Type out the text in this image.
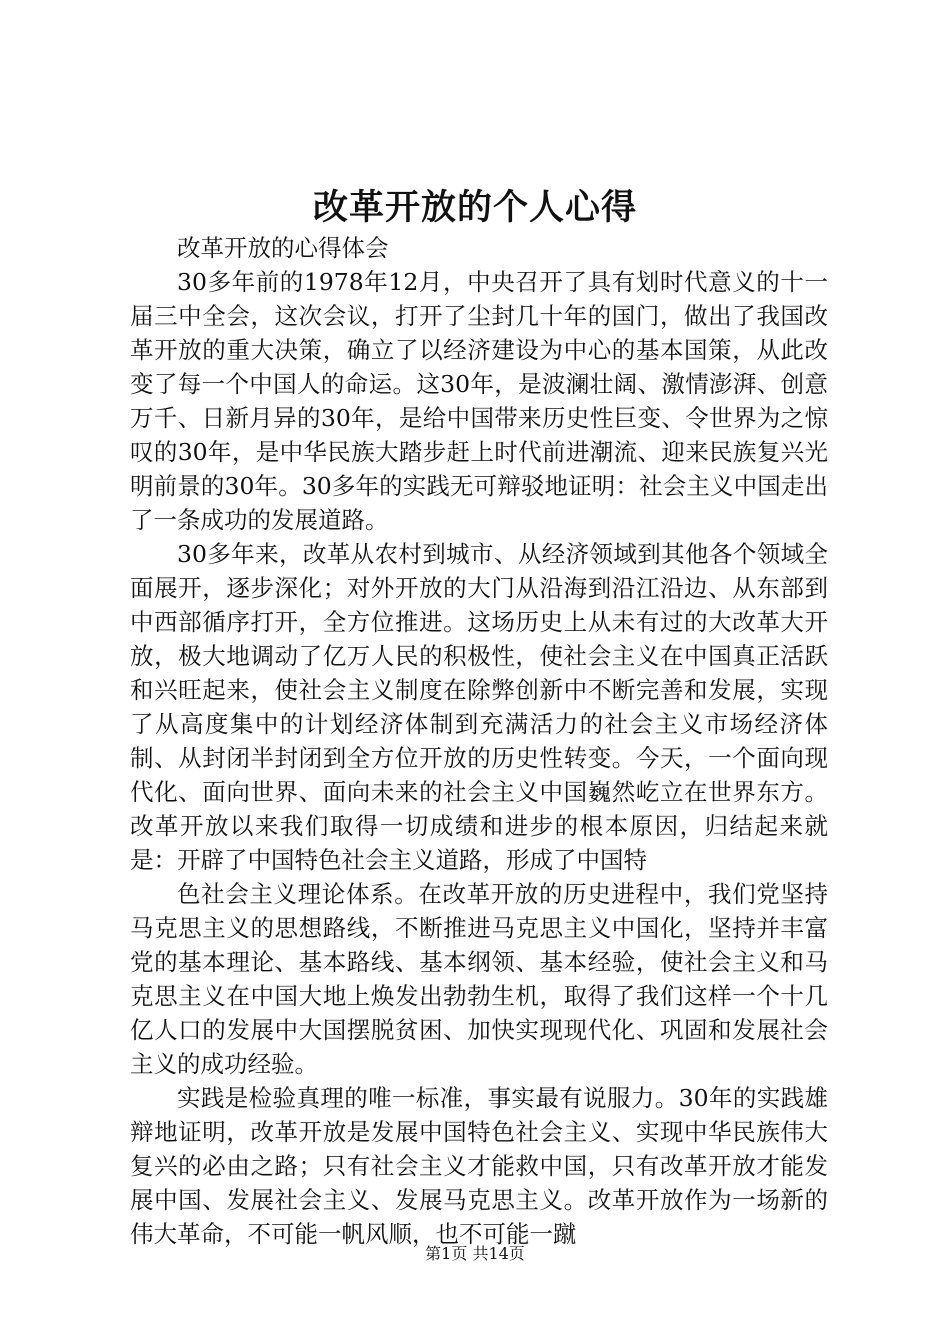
改革开放的个人心得

改革开放的心得体会

30多年前的1978年12月，中央召开了具有划时代意义的十一届三中全会，这次会议，打开了尘封几十年的国门，做出了我国改革开放的重大决策，确立了以经济建设为中心的基本国策，从此改变了每一个中国人的命运。这30年，是波澜壮阔、激情澎湃、创意万千、日新月异的30年，是给中国带来历史性巨变、令世界为之惊叹的30年，是中华民族大踏步赶上时代前进潮流、迎来民族复兴光明前景的30年。30多年的实践无可辩驳地证明：社会主义中国走出了一条成功的发展道路。

30多年来，改革从农村到城市、从经济领域到其他各个领域全面展开，逐步深化；对外开放的大门从沿海到沿江沿边、从东部到中西部循序打开，全方位推进。这场历史上从未有过的大改革大开放，极大地调动了亿万人民的积极性，使社会主义在中国真正活跃和兴旺起来，使社会主义制度在除弊创新中不断完善和发展，实现了从高度集中的计划经济体制到充满活力的社会主义市场经济体制、从封闭半封闭到全方位开放的历史性转变。今天，一个面向现代化、面向世界、面向未来的社会主义中国巍然屹立在世界东方。改革开放以来我们取得一切成绩和进步的根本原因，归结起来就是：开辟了中国特色社会主义道路，形成了中国特

色社会主义理论体系。在改革开放的历史进程中，我们党坚持马克思主义的思想路线，不断推进马克思主义中国化，坚持并丰富党的基本理论、基本路线、基本纲领、基本经验，使社会主义和马克思主义在中国大地上焕发出勃勃生机，取得了我们这样一个十几亿人口的发展中大国摆脱贫困、加快实现现代化、巩固和发展社会主义的成功经验。

实践是检验真理的唯一标准，事实最有说服力。30年的实践雄辩地证明，改革开放是发展中国特色社会主义、实现中华民族伟大复兴的必由之路；只有社会主义才能救中国，只有改革开放才能发展中国、发展社会主义、发展马克思主义。改革开放作为一场新的伟大革命，不可能一帆风顺，也不可能一蹴

第1页 共14页
